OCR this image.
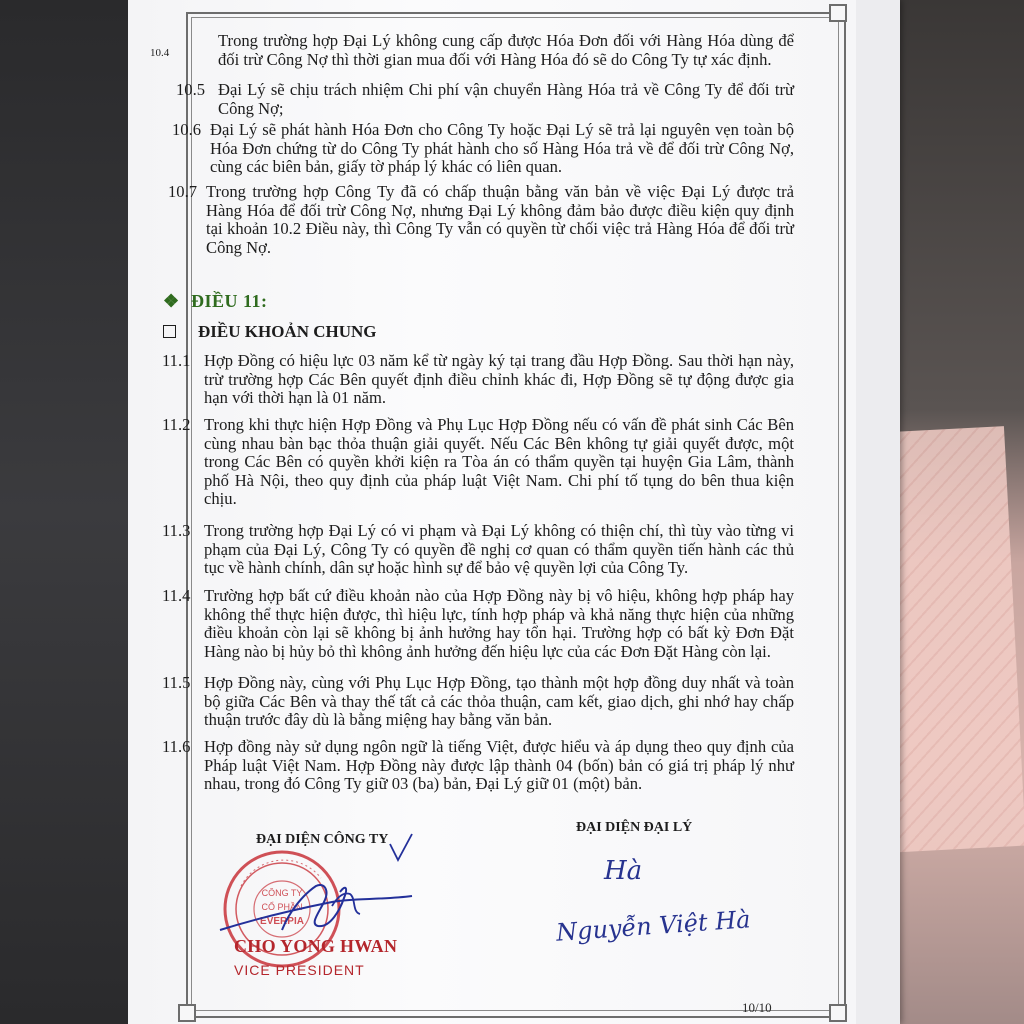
10.4
Trong trường hợp Đại Lý không cung cấp được Hóa Đơn đối với Hàng Hóa dùng để đối trừ Công Nợ thì thời gian mua đối với Hàng Hóa đó sẽ do Công Ty tự xác định.
10.5 Đại Lý sẽ chịu trách nhiệm Chi phí vận chuyển Hàng Hóa trả về Công Ty để đối trừ Công Nợ;
10.6 Đại Lý sẽ phát hành Hóa Đơn cho Công Ty hoặc Đại Lý sẽ trả lại nguyên vẹn toàn bộ Hóa Đơn chứng từ do Công Ty phát hành cho số Hàng Hóa trả về để đối trừ Công Nợ, cùng các biên bản, giấy tờ pháp lý khác có liên quan.
10.7 Trong trường hợp Công Ty đã có chấp thuận bằng văn bản về việc Đại Lý được trả Hàng Hóa để đối trừ Công Nợ, nhưng Đại Lý không đảm bảo được điều kiện quy định tại khoản 10.2 Điều này, thì Công Ty vẫn có quyền từ chối việc trả Hàng Hóa để đối trừ Công Nợ.
❖ ĐIỀU 11:
ĐIỀU KHOẢN CHUNG
11.1 Hợp Đồng có hiệu lực 03 năm kể từ ngày ký tại trang đầu Hợp Đồng. Sau thời hạn này, trừ trường hợp Các Bên quyết định điều chỉnh khác đi, Hợp Đồng sẽ tự động được gia hạn với thời hạn là 01 năm.
11.2 Trong khi thực hiện Hợp Đồng và Phụ Lục Hợp Đồng nếu có vấn đề phát sinh Các Bên cùng nhau bàn bạc thỏa thuận giải quyết. Nếu Các Bên không tự giải quyết được, một trong Các Bên có quyền khởi kiện ra Tòa án có thẩm quyền tại huyện Gia Lâm, thành phố Hà Nội, theo quy định của pháp luật Việt Nam. Chi phí tố tụng do bên thua kiện chịu.
11.3 Trong trường hợp Đại Lý có vi phạm và Đại Lý không có thiện chí, thì tùy vào từng vi phạm của Đại Lý, Công Ty có quyền đề nghị cơ quan có thẩm quyền tiến hành các thủ tục về hành chính, dân sự hoặc hình sự để bảo vệ quyền lợi của Công Ty.
11.4 Trường hợp bất cứ điều khoản nào của Hợp Đồng này bị vô hiệu, không hợp pháp hay không thể thực hiện được, thì hiệu lực, tính hợp pháp và khả năng thực hiện của những điều khoản còn lại sẽ không bị ảnh hưởng hay tổn hại. Trường hợp có bất kỳ Đơn Đặt Hàng nào bị hủy bỏ thì không ảnh hưởng đến hiệu lực của các Đơn Đặt Hàng còn lại.
11.5 Hợp Đồng này, cùng với Phụ Lục Hợp Đồng, tạo thành một hợp đồng duy nhất và toàn bộ giữa Các Bên và thay thế tất cả các thỏa thuận, cam kết, giao dịch, ghi nhớ hay chấp thuận trước đây dù là bằng miệng hay bằng văn bản.
11.6 Hợp đồng này sử dụng ngôn ngữ là tiếng Việt, được hiểu và áp dụng theo quy định của Pháp luật Việt Nam. Hợp Đồng này được lập thành 04 (bốn) bản có giá trị pháp lý như nhau, trong đó Công Ty giữ 03 (ba) bản, Đại Lý giữ 01 (một) bản.
ĐẠI DIỆN CÔNG TY
ĐẠI DIỆN ĐẠI LÝ
CÔNG TY
CỔ PHẦN
EVERPIA
CHO YONG HWAN
VICE PRESIDENT
Hà
Nguyễn Việt Hà
10/10
